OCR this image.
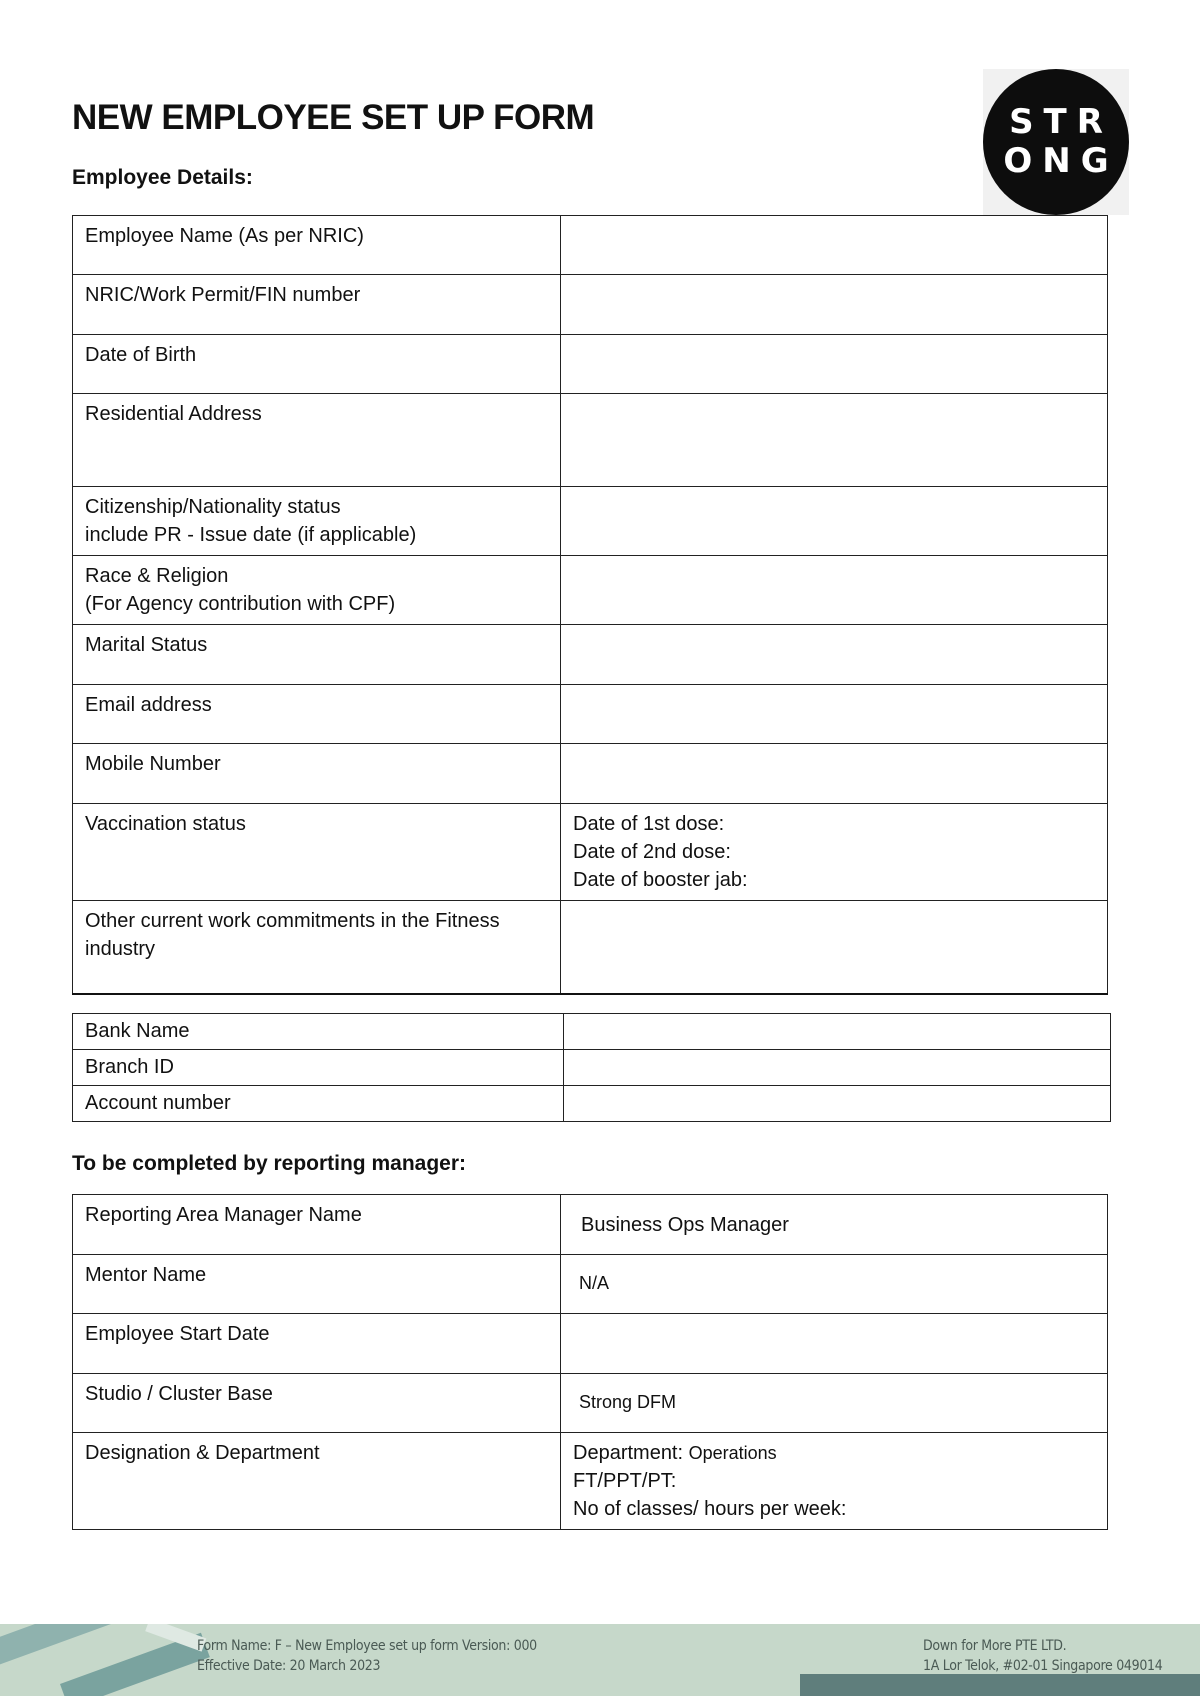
NEW EMPLOYEE SET UP FORM	STR
ONG
Employee Details:
Employee Name (As per NRIC)	

NRIC/Work Permit/FIN number	

Date of Birth	

Residential Address	

Citizenship/Nationality status
include PR - Issue date (if applicable)	

Race & Religion
(For Agency contribution with CPF)	

Marital Status	

Email address	

Mobile Number	

Vaccination status	Date of 1st dose:
Date of 2nd dose:
Date of booster jab:

Other current work commitments in the Fitness industry	
Bank Name	
Branch ID	
Account number	
To be completed by reporting manager:
Reporting Area Manager Name	Business Ops Manager

Mentor Name	N/A

Employee Start Date	
Studio / Cluster Base	Strong DFM

Designation & Department	Department: Operations
FT/PPT/PT:
No of classes/ hours per week:
Form Name: F – New Employee set up form Version: 000
Effective Date: 20 March 2023
Down for More PTE LTD.
1A Lor Telok, #02-01 Singapore 049014
